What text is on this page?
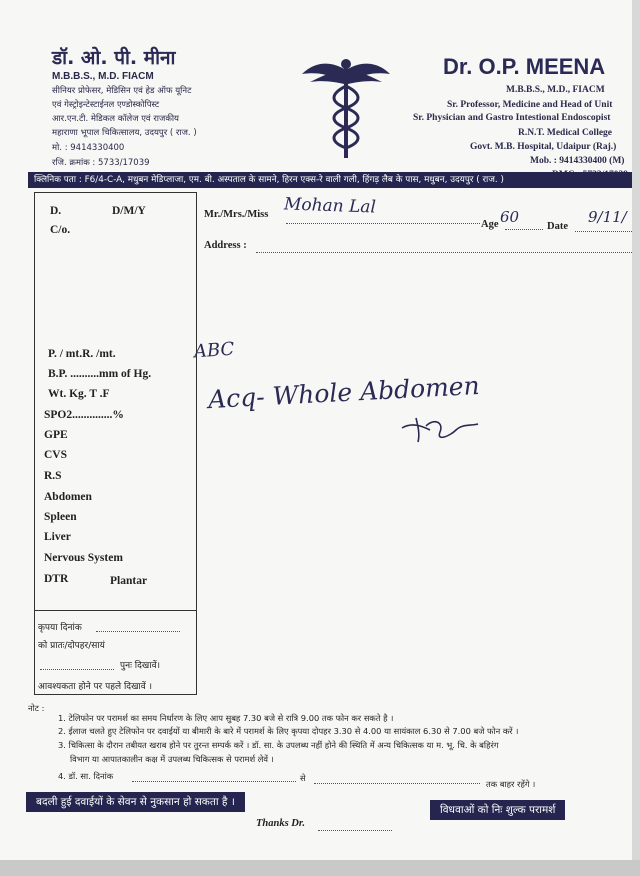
डॉ. ओ. पी. मीना
M.B.B.S., M.D. FIACM
सीनियर प्रोफेसर, मेडिसिन एवं हेड ऑफ यूनिट
एवं गेस्ट्रोइन्टेस्टाईनल एण्डोस्कोपिस्ट
आर.एन.टी. मेडिकल कॉलेज एवं राजकीय
महाराणा भूपाल चिकित्सालय, उदयपुर ( राज. )
मो. : 9414330400
रजि. क्रमांक : 5733/17039
Dr. O.P. MEENA
M.B.B.S., M.D., FIACM
Sr. Professor, Medicine and Head of Unit
Sr. Physician and Gastro Intestional Endoscopist
R.N.T. Medical College
Govt. M.B. Hospital, Udaipur (Raj.)
Mob. : 9414330400 (M)
क्लिनिक पता : F6/4-C-A, मधुबन मेडिप्लाजा, एम. बी. अस्पताल के सामने, हिरन एक्स-रे वाली गली, हिंगड़ लैब के पास, मधुबन, उदयपुर ( राज. )
D.	D/M/Y
C/o.
P. / mt.R. /mt.
B.P. ..........mm of Hg.
Wt. Kg. T .F
SPO2..............%
GPE
CVS
R.S
Abdomen
Spleen
Liver
Nervous System
DTR	Plantar
कृपया दिनांक
को प्रातः/दोपहर/सायं
पुनः दिखावें।
आवश्यकता होने पर पहले दिखावें ।
Mr./Mrs./Miss
Age	Date
Address :
Mohan Lal	60	9/11/
ABC
Acq- Whole Abdomen
नोट :
1. टेलिफोन पर परामर्श का समय निर्धारण के लिए आप सुबह 7.30 बजे से रात्रि 9.00 तक फोन कर सकते है ।
2. ईलाज चलते हुए टेलिफोन पर दवाईयों या बीमारी के बारे में परामर्श के लिए कृपया दोपहर 3.30 से 4.00 या सायंकाल 6.30 से 7.00 बजे फोन करें ।
3. चिकित्सा के दौरान तबीयत खराब होने पर तुरन्त सम्पर्क करें । डॉ. सा. के उपलब्ध नहीं होने की स्थिति में अन्य चिकित्सक या म. भू. चि. के बहिरंग
विभाग या आपातकालीन कक्ष में उपलब्ध चिकित्सक से परामर्श लेवें ।
4. डॉ. सा. दिनांक	से
तक बाहर रहेंगे ।
बदली हुई दवाईयों के सेवन से नुकसान हो सकता है ।
विधवाओं को निः शुल्क परामर्श
Thanks Dr.
